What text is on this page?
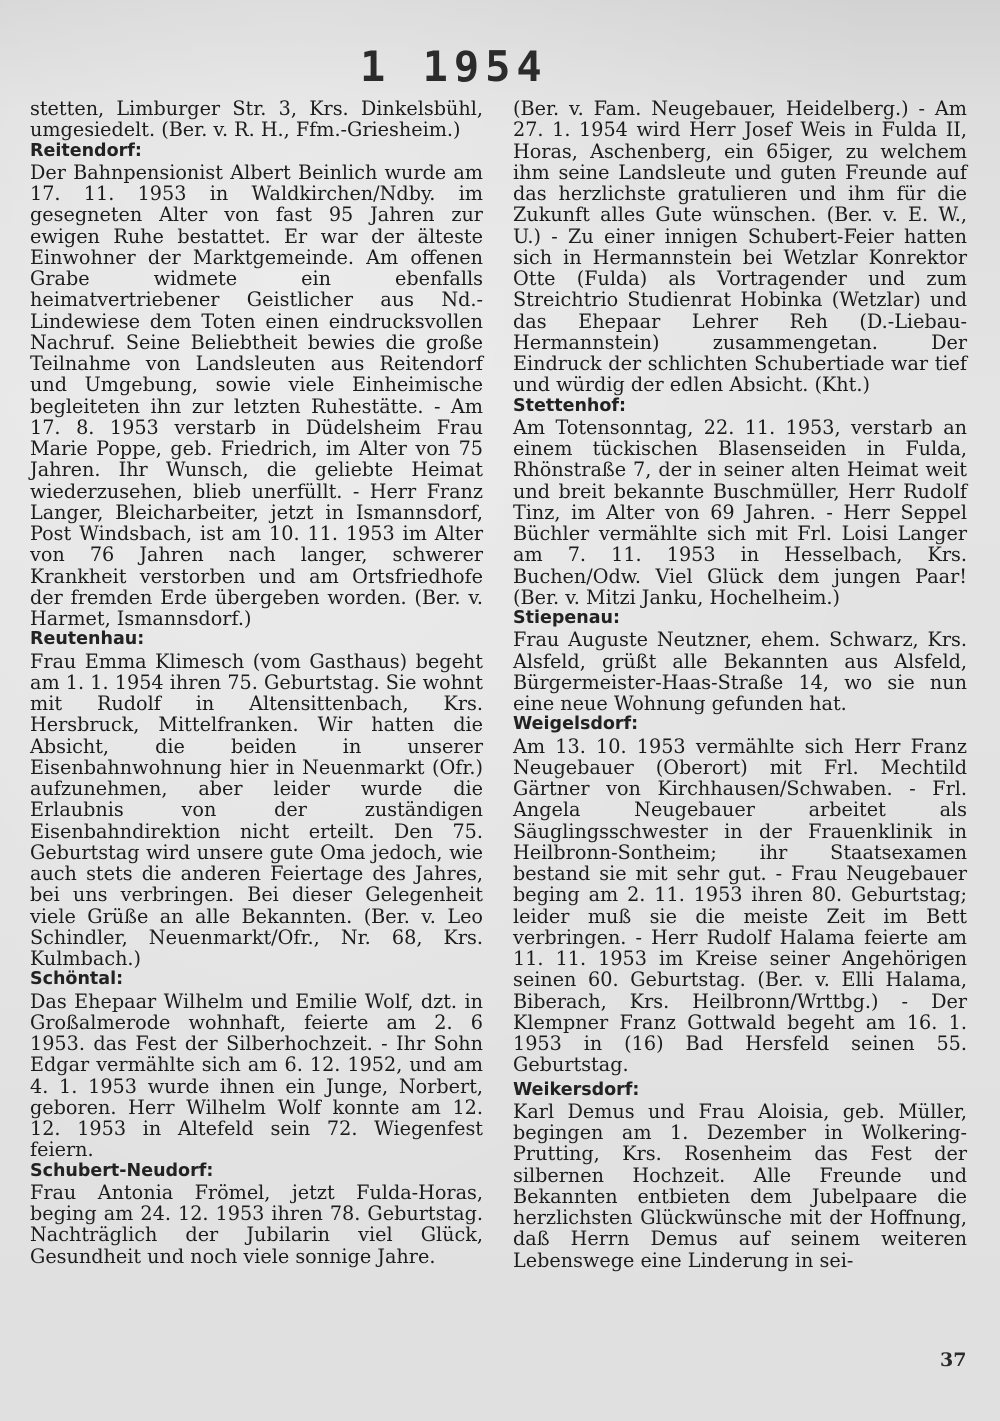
1 1954

stetten, Limburger Str. 3, Krs. Dinkelsbühl, umgesiedelt. (Ber. v. R. H., Ffm.-Griesheim.)

Reitendorf:

Der Bahnpensionist Albert Beinlich wurde am 17. 11. 1953 in Waldkirchen/Ndby. im gesegneten Alter von fast 95 Jahren zur ewigen Ruhe bestattet. Er war der älteste Einwohner der Marktgemeinde. Am offenen Grabe widmete ein ebenfalls heimatvertriebener Geistlicher aus Nd.-Lindewiese dem Toten einen eindrucksvollen Nachruf. Seine Beliebtheit bewies die große Teilnahme von Landsleuten aus Reitendorf und Umgebung, sowie viele Einheimische begleiteten ihn zur letzten Ruhestätte. - Am 17. 8. 1953 verstarb in Düdelsheim Frau Marie Poppe, geb. Friedrich, im Alter von 75 Jahren. Ihr Wunsch, die geliebte Heimat wiederzusehen, blieb unerfüllt. - Herr Franz Langer, Bleicharbeiter, jetzt in Ismannsdorf, Post Windsbach, ist am 10. 11. 1953 im Alter von 76 Jahren nach langer, schwerer Krankheit verstorben und am Ortsfriedhofe der fremden Erde übergeben worden. (Ber. v. Harmet, Ismannsdorf.)

Reutenhau:

Frau Emma Klimesch (vom Gasthaus) begeht am 1. 1. 1954 ihren 75. Geburtstag. Sie wohnt mit Rudolf in Altensittenbach, Krs. Hersbruck, Mittelfranken. Wir hatten die Absicht, die beiden in unserer Eisenbahnwohnung hier in Neuenmarkt (Ofr.) aufzunehmen, aber leider wurde die Erlaubnis von der zuständigen Eisenbahndirektion nicht erteilt. Den 75. Geburtstag wird unsere gute Oma jedoch, wie auch stets die anderen Feiertage des Jahres, bei uns verbringen. Bei dieser Gelegenheit viele Grüße an alle Bekannten. (Ber. v. Leo Schindler, Neuenmarkt/Ofr., Nr. 68, Krs. Kulmbach.)

Schöntal:

Das Ehepaar Wilhelm und Emilie Wolf, dzt. in Großalmerode wohnhaft, feierte am 2. 6 1953. das Fest der Silberhochzeit. - Ihr Sohn Edgar vermählte sich am 6. 12. 1952, und am 4. 1. 1953 wurde ihnen ein Junge, Norbert, geboren. Herr Wilhelm Wolf konnte am 12. 12. 1953 in Altefeld sein 72. Wiegenfest feiern.

Schubert-Neudorf:

Frau Antonia Frömel, jetzt Fulda-Horas, beging am 24. 12. 1953 ihren 78. Geburtstag. Nachträglich der Jubilarin viel Glück, Gesundheit und noch viele sonnige Jahre.

(Ber. v. Fam. Neugebauer, Heidelberg.) - Am 27. 1. 1954 wird Herr Josef Weis in Fulda II, Horas, Aschenberg, ein 65iger, zu welchem ihm seine Landsleute und guten Freunde auf das herzlichste gratulieren und ihm für die Zukunft alles Gute wünschen. (Ber. v. E. W., U.) - Zu einer innigen Schubert-Feier hatten sich in Hermannstein bei Wetzlar Konrektor Otte (Fulda) als Vortragender und zum Streichtrio Studienrat Hobinka (Wetzlar) und das Ehepaar Lehrer Reh (D.-Liebau-Hermannstein) zusammengetan. Der Eindruck der schlichten Schubertiade war tief und würdig der edlen Absicht. (Kht.)

Stettenhof:

Am Totensonntag, 22. 11. 1953, verstarb an einem tückischen Blasenseiden in Fulda, Rhönstraße 7, der in seiner alten Heimat weit und breit bekannte Buschmüller, Herr Rudolf Tinz, im Alter von 69 Jahren. - Herr Seppel Büchler vermählte sich mit Frl. Loisi Langer am 7. 11. 1953 in Hesselbach, Krs. Buchen/Odw. Viel Glück dem jungen Paar! (Ber. v. Mitzi Janku, Hochelheim.)

Stiepenau:

Frau Auguste Neutzner, ehem. Schwarz, Krs. Alsfeld, grüßt alle Bekannten aus Alsfeld, Bürgermeister-Haas-Straße 14, wo sie nun eine neue Wohnung gefunden hat.

Weigelsdorf:

Am 13. 10. 1953 vermählte sich Herr Franz Neugebauer (Oberort) mit Frl. Mechtild Gärtner von Kirchhausen/Schwaben. - Frl. Angela Neugebauer arbeitet als Säuglingsschwester in der Frauenklinik in Heilbronn-Sontheim; ihr Staatsexamen bestand sie mit sehr gut. - Frau Neugebauer beging am 2. 11. 1953 ihren 80. Geburtstag; leider muß sie die meiste Zeit im Bett verbringen. - Herr Rudolf Halama feierte am 11. 11. 1953 im Kreise seiner Angehörigen seinen 60. Geburtstag. (Ber. v. Elli Halama, Biberach, Krs. Heilbronn/Wrttbg.) - Der Klempner Franz Gottwald begeht am 16. 1. 1953 in (16) Bad Hersfeld seinen 55. Geburtstag.

Weikersdorf:

Karl Demus und Frau Aloisia, geb. Müller, begingen am 1. Dezember in Wolkering-Prutting, Krs. Rosenheim das Fest der silbernen Hochzeit. Alle Freunde und Bekannten entbieten dem Jubelpaare die herzlichsten Glückwünsche mit der Hoffnung, daß Herrn Demus auf seinem weiteren Lebenswege eine Linderung in sei-

37
